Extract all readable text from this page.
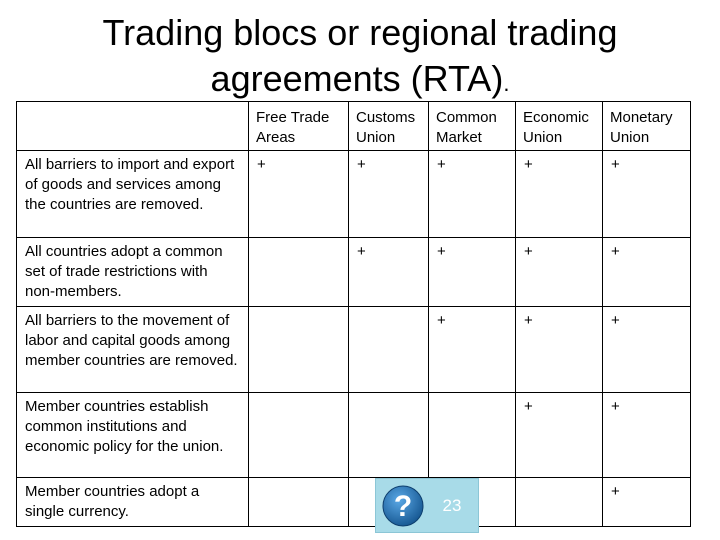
Trading blocs or regional trading
agreements (RTA).
	Free Trade Areas	Customs Union	Common Market	Economic Union	Monetary Union
All barriers to import and export of goods and services among the countries are removed.	+	+	+	+	+
All countries adopt a common set of trade restrictions with non-members.		+	+	+	+
All barriers to the movement of labor and capital goods among member countries are removed.			+	+	+
Member countries establish common institutions and economic policy for the union.				+	+
Member countries adopt a single currency.					+
?	23
